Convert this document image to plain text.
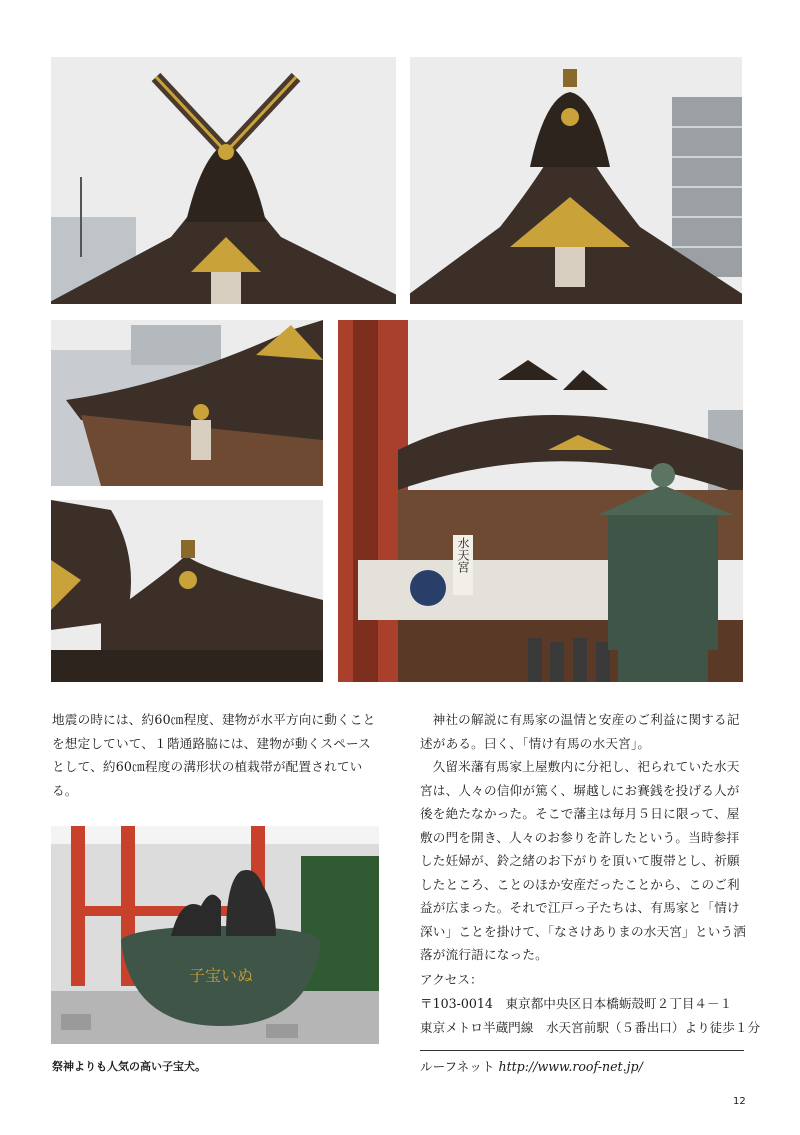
水天宮
子宝いぬ

地震の時には、約60㎝程度、建物が水平方向に動くことを想定していて、１階通路脇には、建物が動くスペースとして、約60㎝程度の溝形状の植栽帯が配置されている。

神社の解説に有馬家の温情と安産のご利益に関する記述がある。曰く、「情け有馬の水天宮」。

久留米藩有馬家上屋敷内に分祀し、祀られていた水天宮は、人々の信仰が篤く、塀越しにお賽銭を投げる人が後を絶たなかった。そこで藩主は毎月５日に限って、屋敷の門を開き、人々のお参りを許したという。当時参拝した妊婦が、鈴之緒のお下がりを頂いて腹帯とし、祈願したところ、ことのほか安産だったことから、このご利益が広まった。それで江戸っ子たちは、有馬家と「情け深い」ことを掛けて、「なさけありまの水天宮」という洒落が流行語になった。

祭神よりも人気の高い子宝犬。
アクセス：
〒103-0014　東京都中央区日本橋蛎殻町２丁目４－１
東京メトロ半蔵門線　水天宮前駅（５番出口）より徒歩１分
ルーフネット http://www.roof-net.jp/
12
